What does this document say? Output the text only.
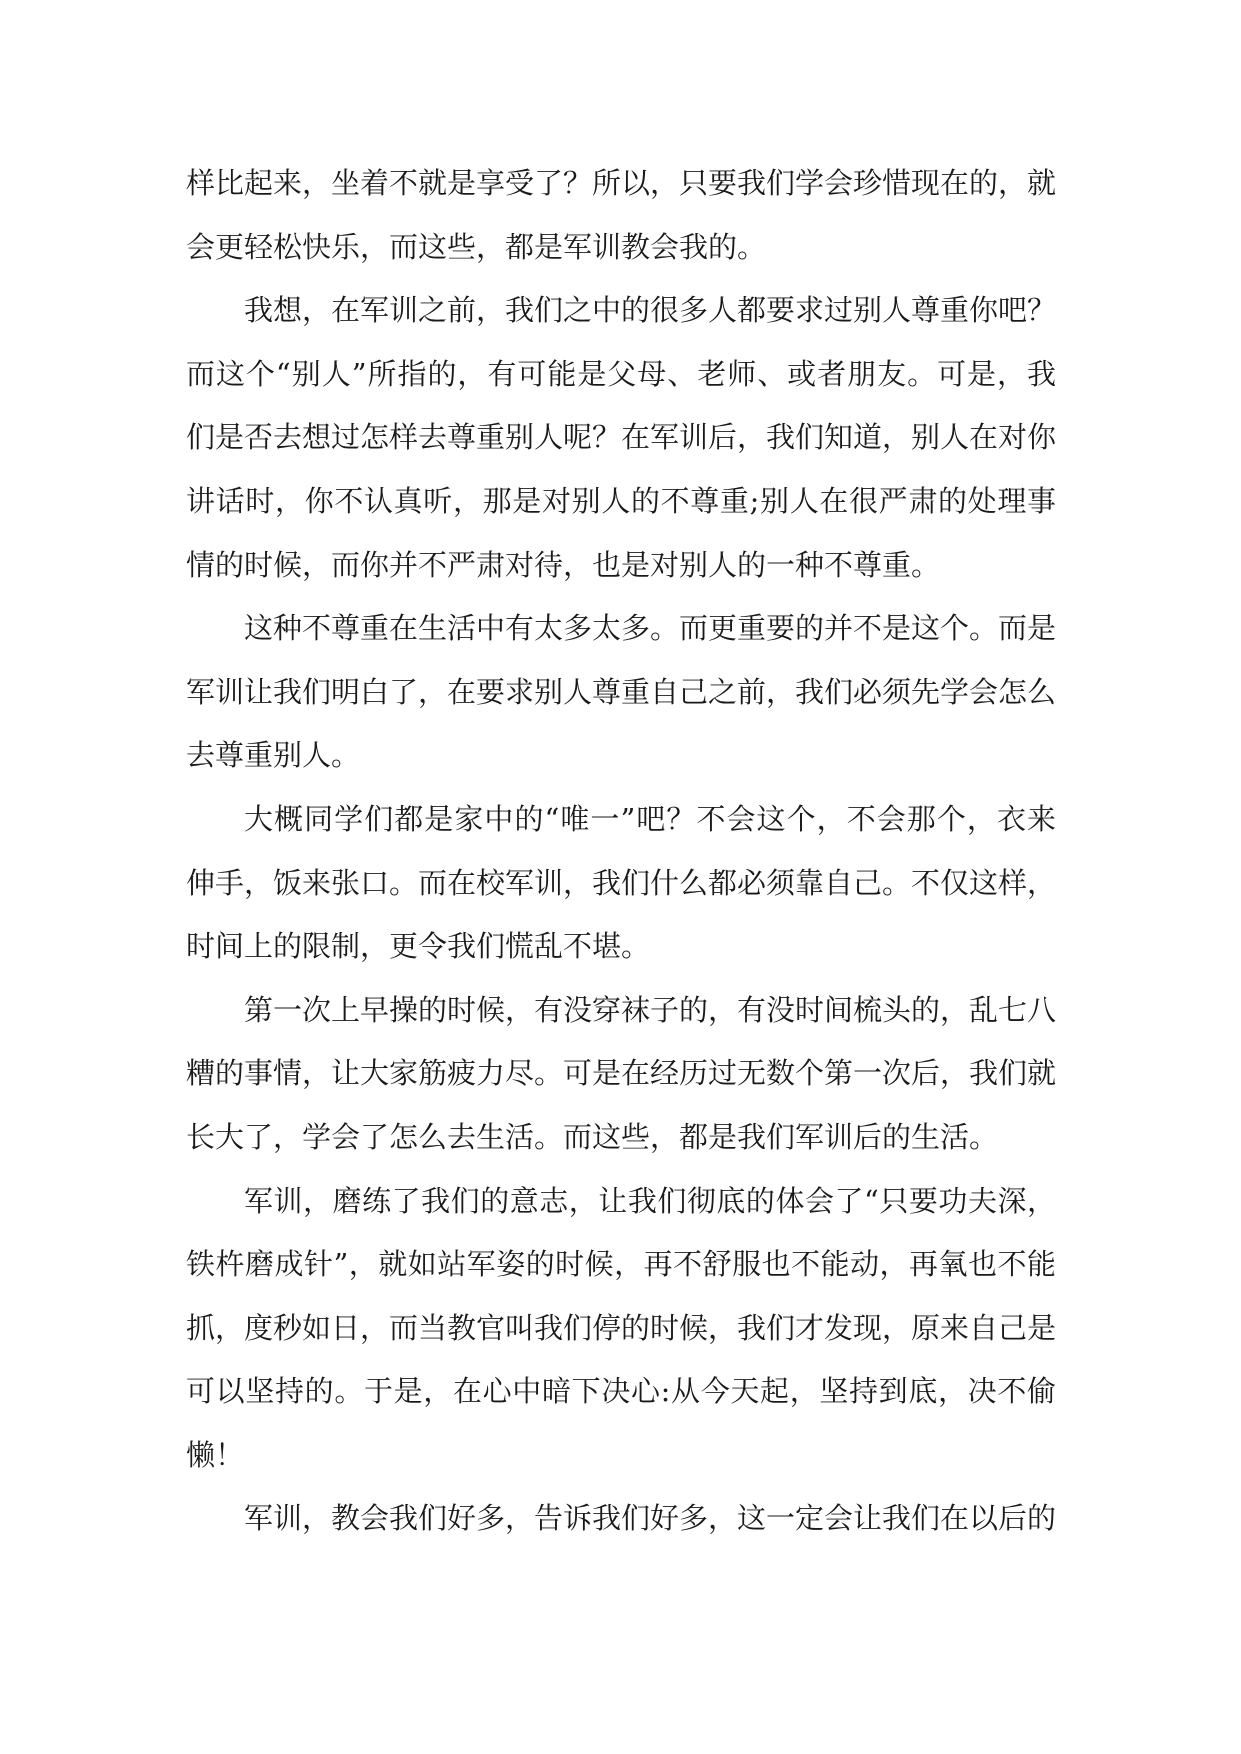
样比起来，坐着不就是享受了？所以，只要我们学会珍惜现在的，就
会更轻松快乐，而这些，都是军训教会我的。
我想，在军训之前，我们之中的很多人都要求过别人尊重你吧？
而这个“别人”所指的，有可能是父母、老师、或者朋友。可是，我
们是否去想过怎样去尊重别人呢？在军训后，我们知道，别人在对你
讲话时，你不认真听，那是对别人的不尊重;别人在很严肃的处理事
情的时候，而你并不严肃对待，也是对别人的一种不尊重。
这种不尊重在生活中有太多太多。而更重要的并不是这个。而是
军训让我们明白了，在要求别人尊重自己之前，我们必须先学会怎么
去尊重别人。
大概同学们都是家中的“唯一”吧？不会这个，不会那个，衣来
伸手，饭来张口。而在校军训，我们什么都必须靠自己。不仅这样，
时间上的限制，更令我们慌乱不堪。
第一次上早操的时候，有没穿袜子的，有没时间梳头的，乱七八
糟的事情，让大家筋疲力尽。可是在经历过无数个第一次后，我们就
长大了，学会了怎么去生活。而这些，都是我们军训后的生活。
军训，磨练了我们的意志，让我们彻底的体会了“只要功夫深，
铁杵磨成针”，就如站军姿的时候，再不舒服也不能动，再氧也不能
抓，度秒如日，而当教官叫我们停的时候，我们才发现，原来自己是
可以坚持的。于是，在心中暗下决心:从今天起，坚持到底，决不偷
懒！
军训，教会我们好多，告诉我们好多，这一定会让我们在以后的
